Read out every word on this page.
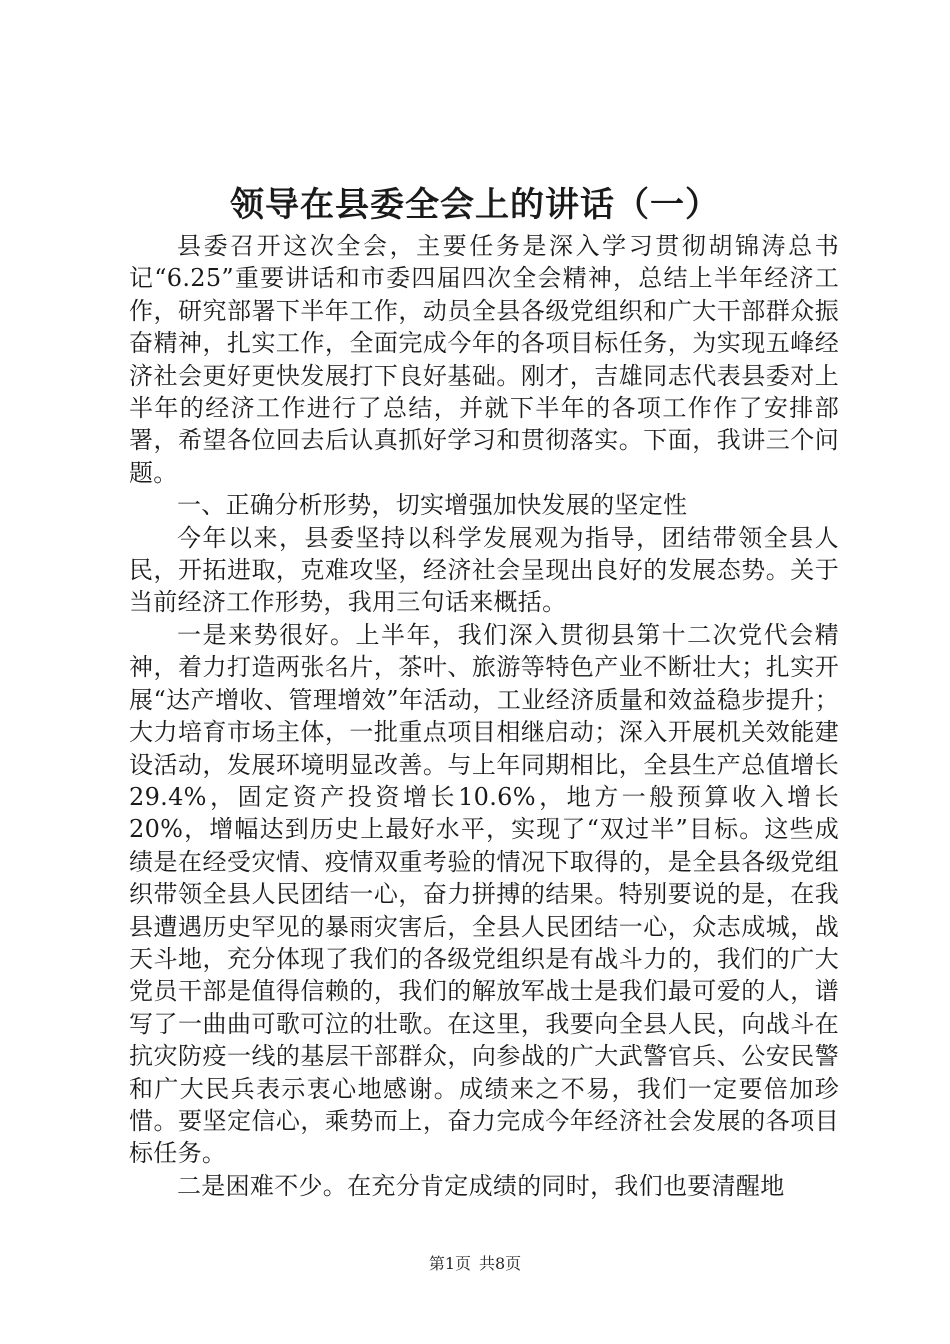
领导在县委全会上的讲话（一）

县委召开这次全会，主要任务是深入学习贯彻胡锦涛总书记“6.25”重要讲话和市委四届四次全会精神，总结上半年经济工作，研究部署下半年工作，动员全县各级党组织和广大干部群众振奋精神，扎实工作，全面完成今年的各项目标任务，为实现五峰经济社会更好更快发展打下良好基础。刚才，吉雄同志代表县委对上半年的经济工作进行了总结，并就下半年的各项工作作了安排部署，希望各位回去后认真抓好学习和贯彻落实。下面，我讲三个问题。

一、正确分析形势，切实增强加快发展的坚定性

今年以来，县委坚持以科学发展观为指导，团结带领全县人民，开拓进取，克难攻坚，经济社会呈现出良好的发展态势。关于当前经济工作形势，我用三句话来概括。

一是来势很好。上半年，我们深入贯彻县第十二次党代会精神，着力打造两张名片，茶叶、旅游等特色产业不断壮大；扎实开展“达产增收、管理增效”年活动，工业经济质量和效益稳步提升；大力培育市场主体，一批重点项目相继启动；深入开展机关效能建设活动，发展环境明显改善。与上年同期相比，全县生产总值增长29.4%，固定资产投资增长10.6%，地方一般预算收入增长20%，增幅达到历史上最好水平，实现了“双过半”目标。这些成绩是在经受灾情、疫情双重考验的情况下取得的，是全县各级党组织带领全县人民团结一心，奋力拼搏的结果。特别要说的是，在我县遭遇历史罕见的暴雨灾害后，全县人民团结一心，众志成城，战天斗地，充分体现了我们的各级党组织是有战斗力的，我们的广大党员干部是值得信赖的，我们的解放军战士是我们最可爱的人，谱写了一曲曲可歌可泣的壮歌。在这里，我要向全县人民，向战斗在抗灾防疫一线的基层干部群众，向参战的广大武警官兵、公安民警和广大民兵表示衷心地感谢。成绩来之不易，我们一定要倍加珍惜。要坚定信心，乘势而上，奋力完成今年经济社会发展的各项目标任务。

二是困难不少。在充分肯定成绩的同时，我们也要清醒地

第1页 共8页
